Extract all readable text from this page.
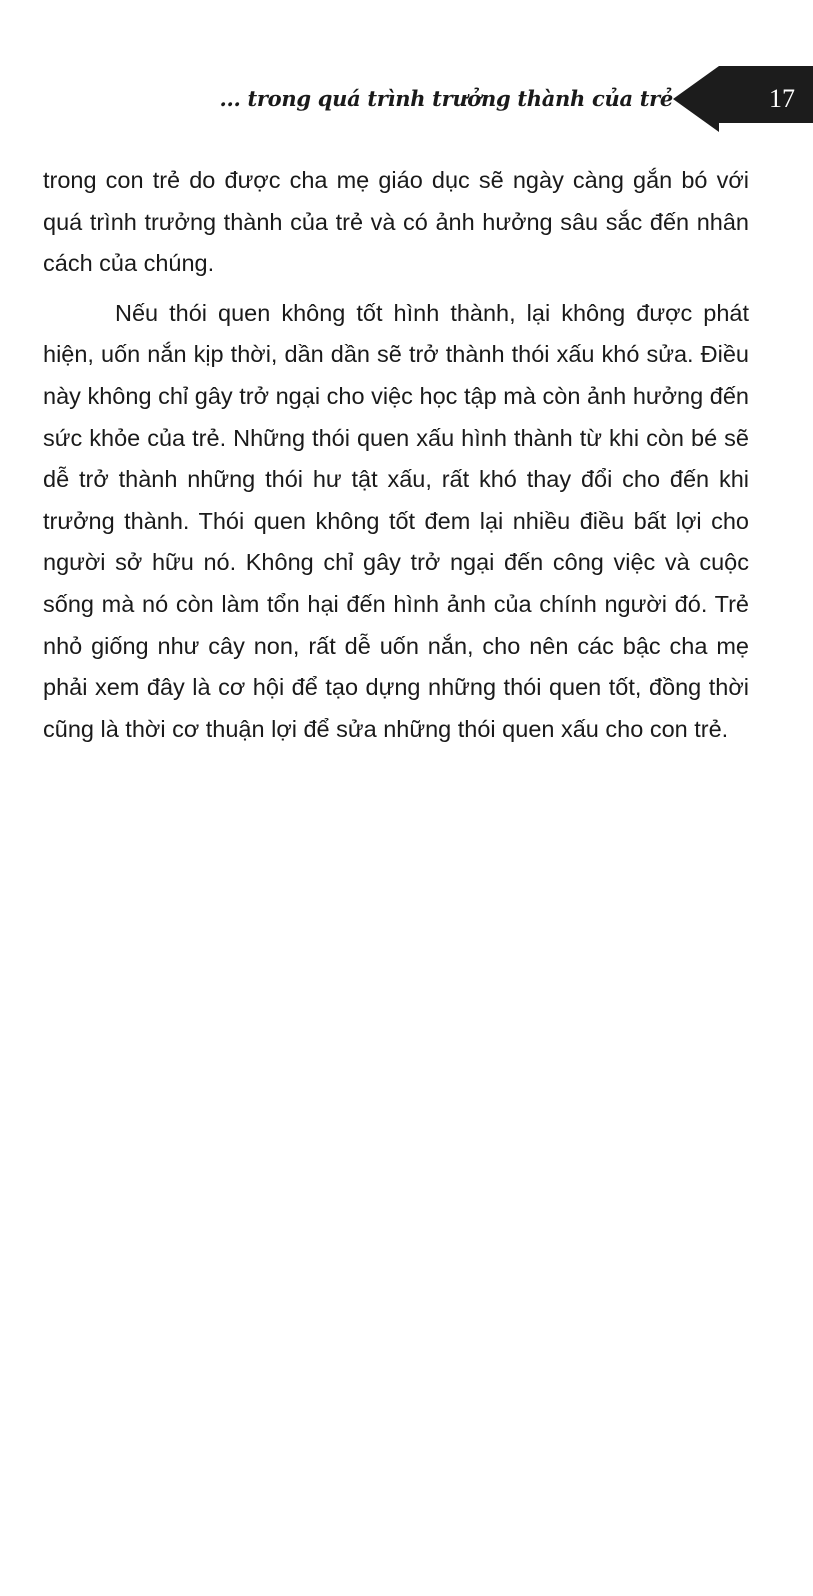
... trong quá trình trưởng thành của trẻ	17

trong con trẻ do được cha mẹ giáo dục sẽ ngày càng gắn bó với quá trình trưởng thành của trẻ và có ảnh hưởng sâu sắc đến nhân cách của chúng.

Nếu thói quen không tốt hình thành, lại không được phát hiện, uốn nắn kịp thời, dần dần sẽ trở thành thói xấu khó sửa. Điều này không chỉ gây trở ngại cho việc học tập mà còn ảnh hưởng đến sức khỏe của trẻ. Những thói quen xấu hình thành từ khi còn bé sẽ dễ trở thành những thói hư tật xấu, rất khó thay đổi cho đến khi trưởng thành. Thói quen không tốt đem lại nhiều điều bất lợi cho người sở hữu nó. Không chỉ gây trở ngại đến công việc và cuộc sống mà nó còn làm tổn hại đến hình ảnh của chính người đó. Trẻ nhỏ giống như cây non, rất dễ uốn nắn, cho nên các bậc cha mẹ phải xem đây là cơ hội để tạo dựng những thói quen tốt, đồng thời cũng là thời cơ thuận lợi để sửa những thói quen xấu cho con trẻ.
